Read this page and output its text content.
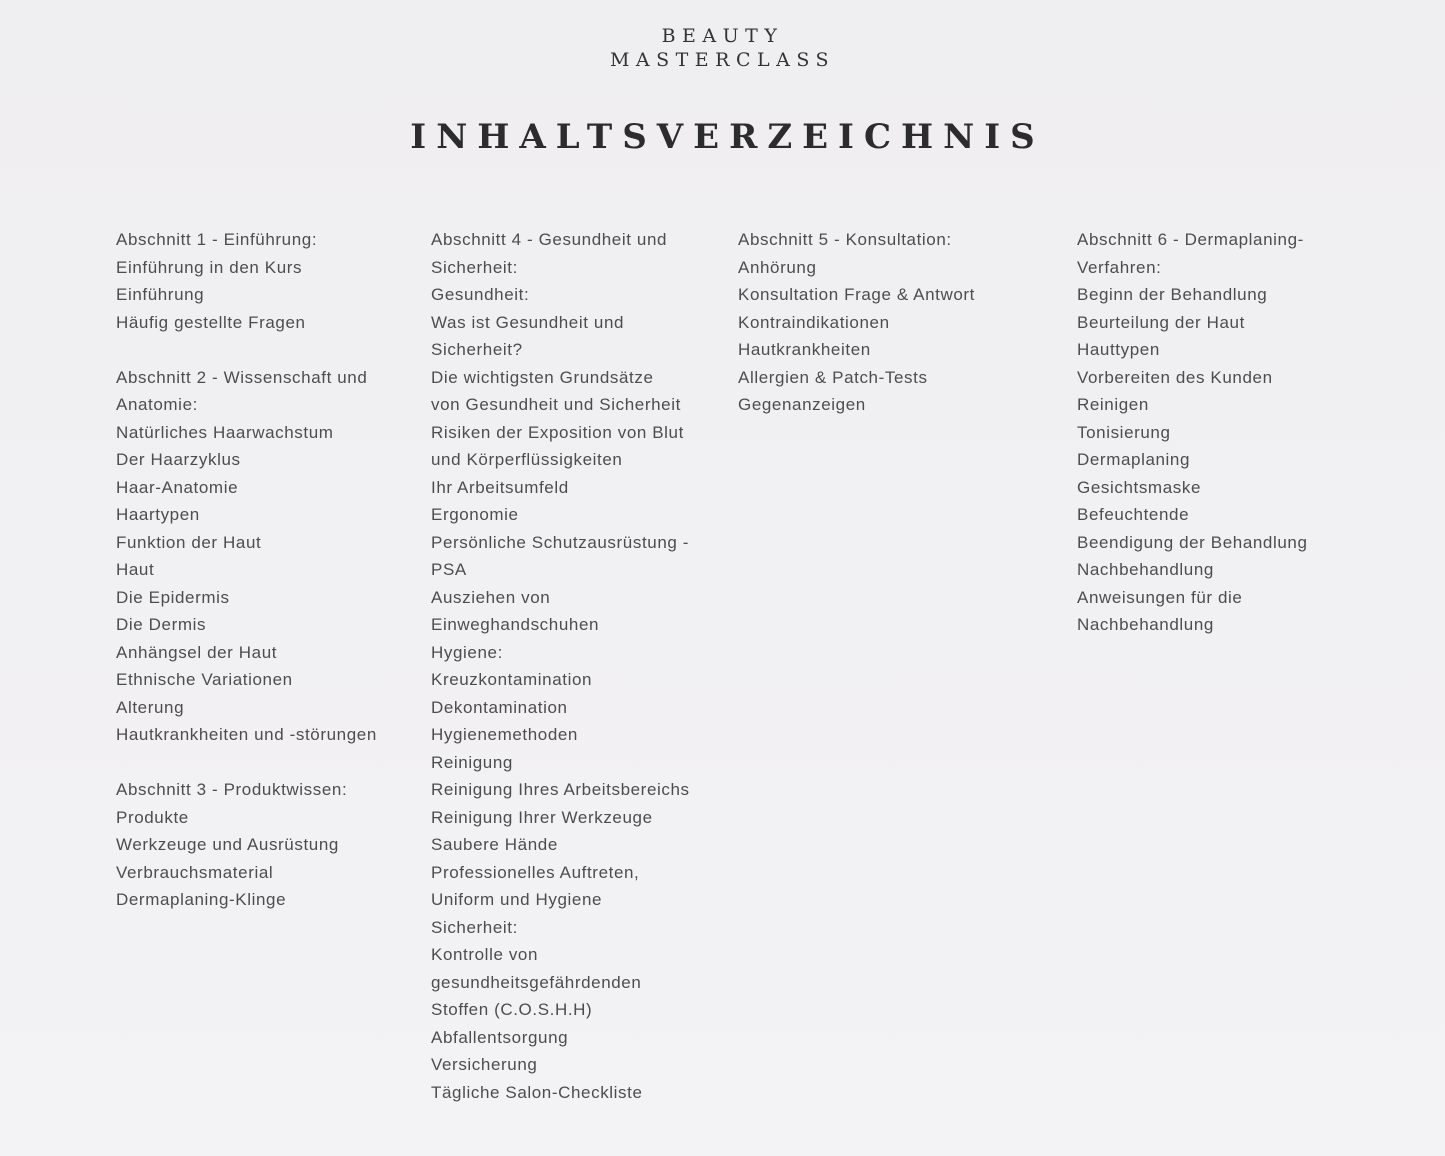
BEAUTY
MASTERCLASS
INHALTSVERZEICHNIS
Abschnitt 1 - Einführung:
Einführung in den Kurs
Einführung
Häufig gestellte Fragen
Abschnitt 2 - Wissenschaft und
Anatomie:
Natürliches Haarwachstum
Der Haarzyklus
Haar-Anatomie
Haartypen
Funktion der Haut
Haut
Die Epidermis
Die Dermis
Anhängsel der Haut
Ethnische Variationen
Alterung
Hautkrankheiten und -störungen
Abschnitt 3 - Produktwissen:
Produkte
Werkzeuge und Ausrüstung
Verbrauchsmaterial
Dermaplaning-Klinge
Abschnitt 4 - Gesundheit und
Sicherheit:
Gesundheit:
Was ist Gesundheit und
Sicherheit?
Die wichtigsten Grundsätze
von Gesundheit und Sicherheit
Risiken der Exposition von Blut
und Körperflüssigkeiten
Ihr Arbeitsumfeld
Ergonomie
Persönliche Schutzausrüstung -
PSA
Ausziehen von
Einweghandschuhen
Hygiene:
Kreuzkontamination
Dekontamination
Hygienemethoden
Reinigung
Reinigung Ihres Arbeitsbereichs
Reinigung Ihrer Werkzeuge
Saubere Hände
Professionelles Auftreten,
Uniform und Hygiene
Sicherheit:
Kontrolle von
gesundheitsgefährdenden
Stoffen (C.O.S.H.H)
Abfallentsorgung
Versicherung
Tägliche Salon-Checkliste
Abschnitt 5 - Konsultation:
Anhörung
Konsultation Frage & Antwort
Kontraindikationen
Hautkrankheiten
Allergien & Patch-Tests
Gegenanzeigen
Abschnitt 6 - Dermaplaning-
Verfahren:
Beginn der Behandlung
Beurteilung der Haut
Hauttypen
Vorbereiten des Kunden
Reinigen
Tonisierung
Dermaplaning
Gesichtsmaske
Befeuchtende
Beendigung der Behandlung
Nachbehandlung
Anweisungen für die
Nachbehandlung
